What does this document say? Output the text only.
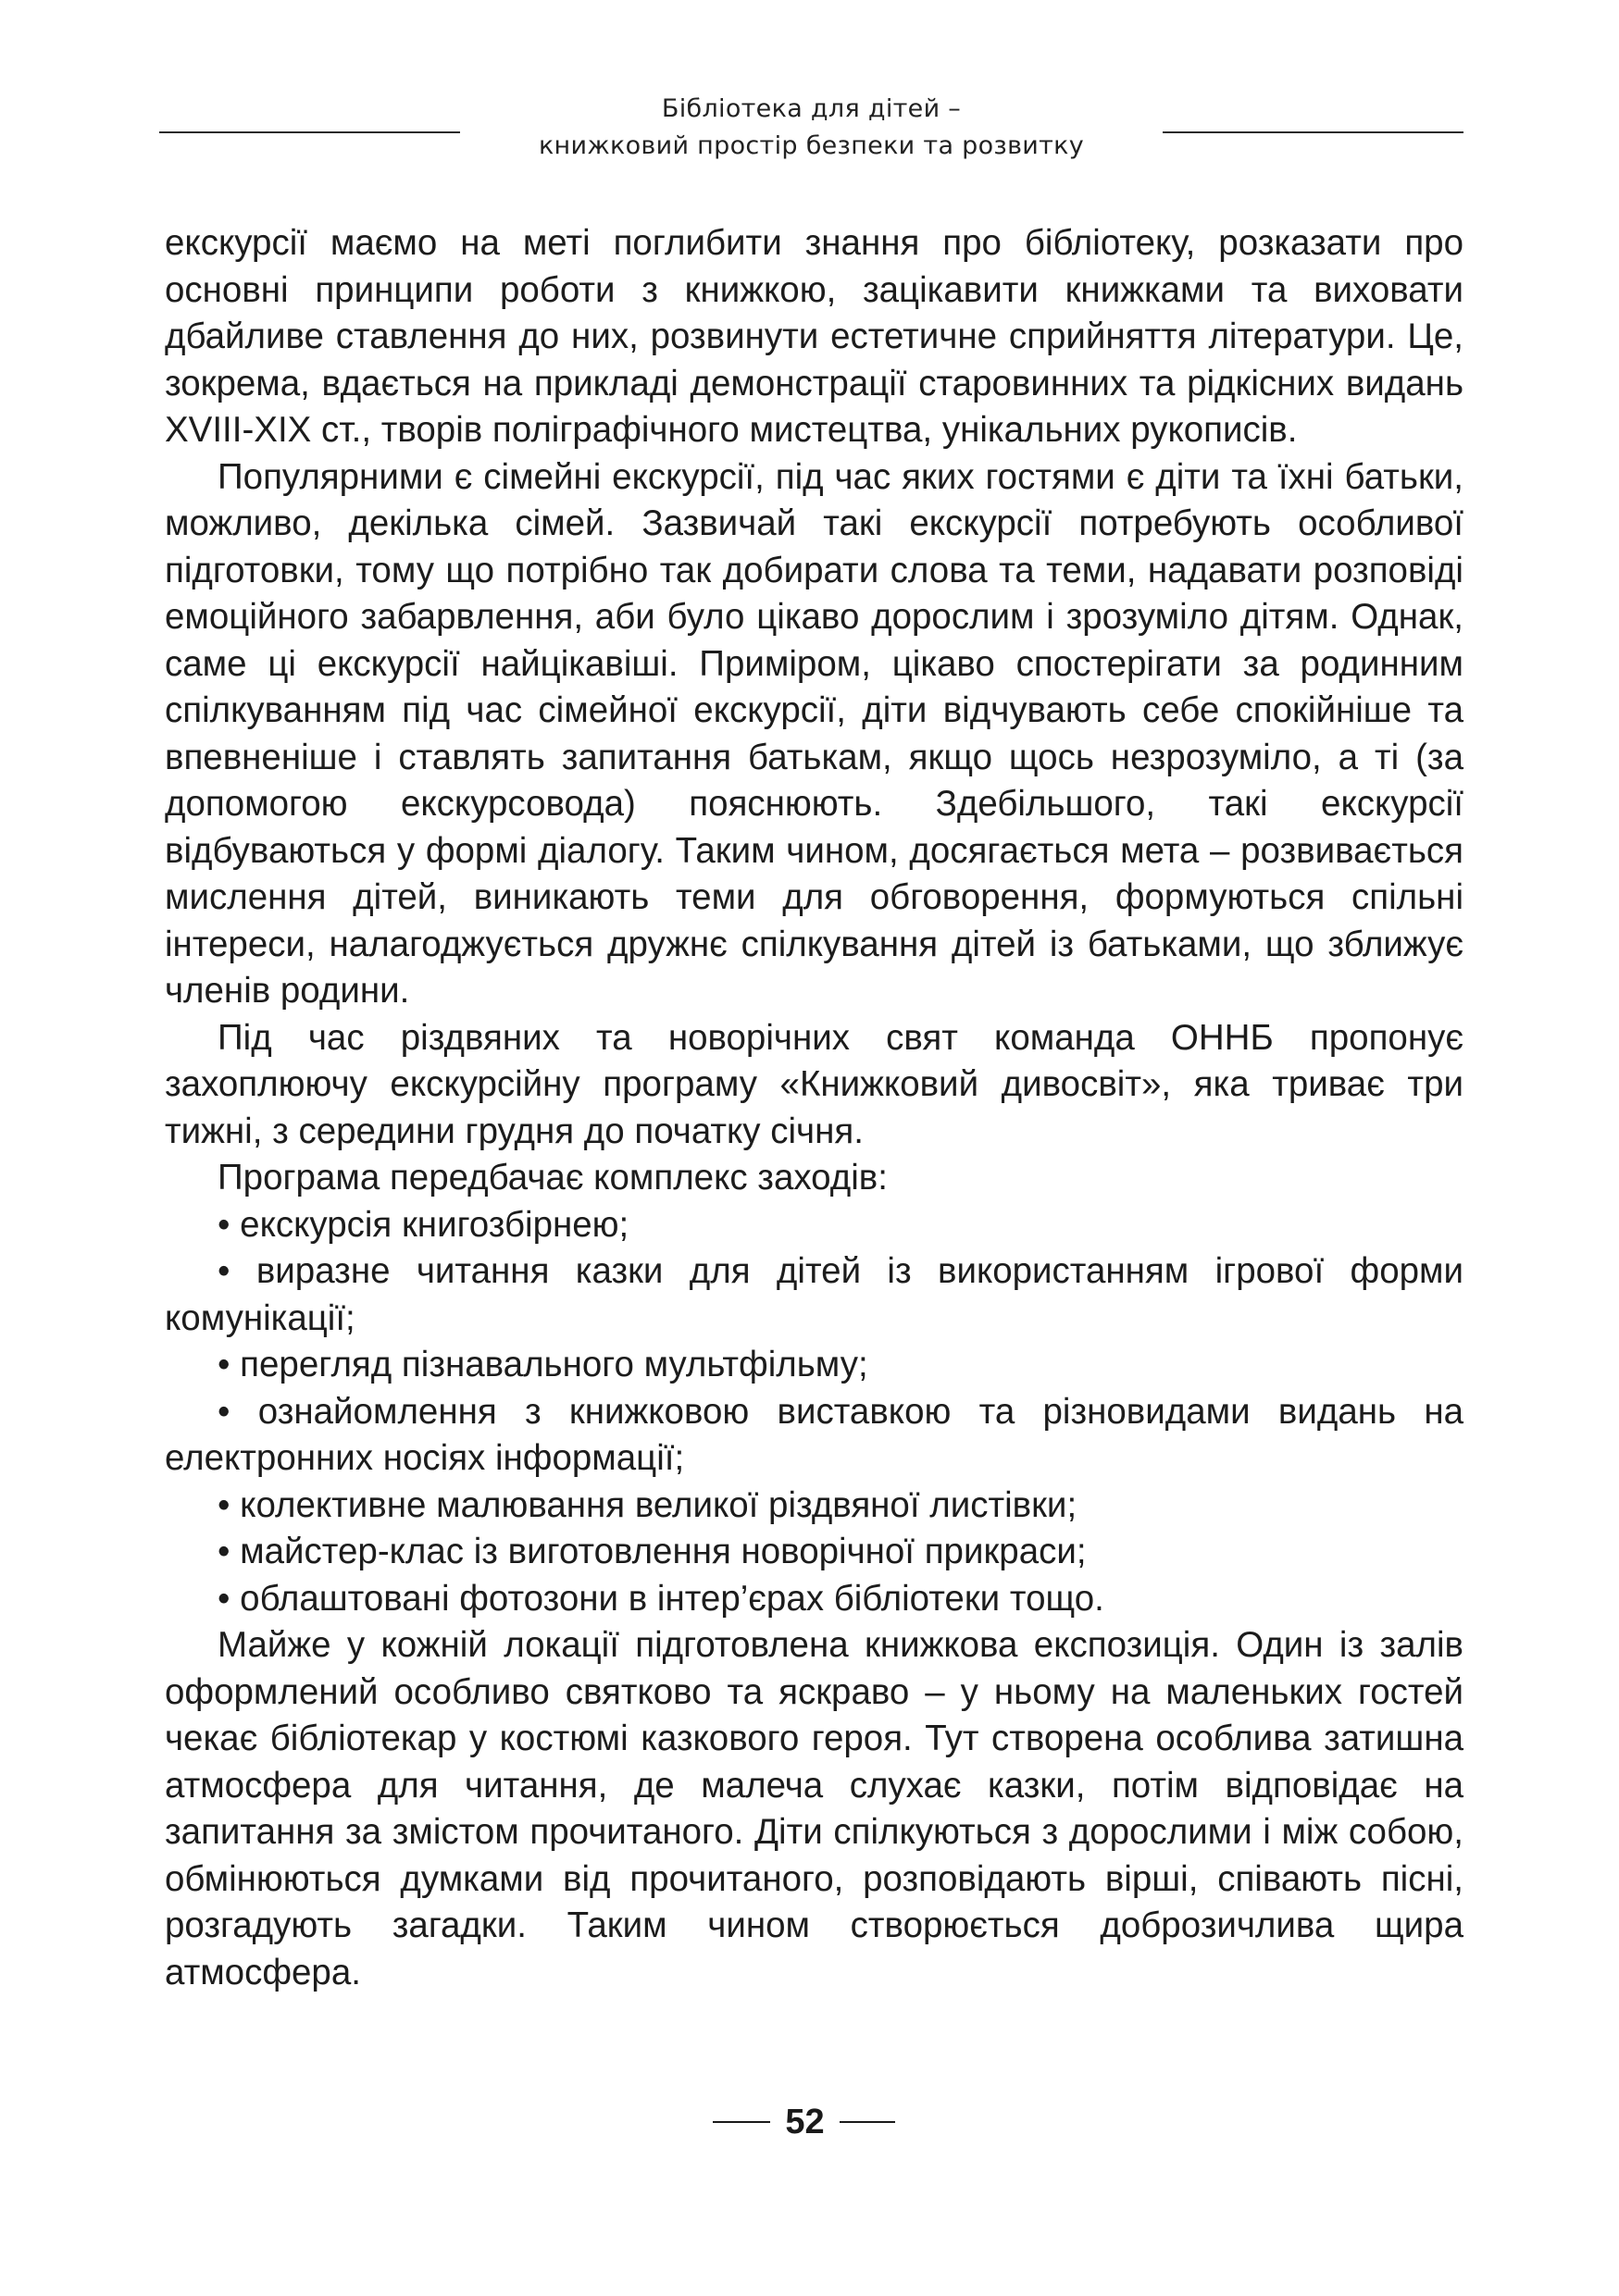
Бібліотека для дітей –
книжковий простір безпеки та розвитку

екскурсії маємо на меті поглибити знання про бібліотеку, розказати про основні принципи роботи з книжкою, зацікавити книжками та виховати дбайливе ставлення до них, розвинути естетичне сприйняття літератури. Це, зокрема, вдається на прикладі демонстрації старовинних та рідкісних видань XVIII-XIX ст., творів поліграфічного мистецтва, унікальних рукописів.

Популярними є сімейні екскурсії, під час яких гостями є діти та їхні батьки, можливо, декілька сімей. Зазвичай такі екскурсії потребують особливої підготовки, тому що потрібно так добирати слова та теми, надавати розповіді емоційного забарвлення, аби було цікаво дорослим і зрозуміло дітям. Однак, саме ці екскурсії найцікавіші. Приміром, цікаво спостерігати за родинним спілкуванням під час сімейної екскурсії, діти відчувають себе спокійніше та впевненіше і ставлять запитання батькам, якщо щось незрозуміло, а ті (за допомогою екскурсовода) пояснюють. Здебільшого, такі екскурсії відбуваються у формі діалогу. Таким чином, досягається мета – розвивається мислення дітей, виникають теми для обговорення, формуються спільні інтереси, налагоджується дружнє спілкування дітей із батьками, що зближує членів родини.

Під час різдвяних та новорічних свят команда ОННБ пропонує захоплюючу екскурсійну програму «Книжковий дивосвіт», яка триває три тижні, з середини грудня до початку січня.

Програма передбачає комплекс заходів:

• екскурсія книгозбірнею;

• виразне читання казки для дітей із використанням ігрової форми комунікації;

• перегляд пізнавального мультфільму;

• ознайомлення з книжковою виставкою та різновидами видань на електронних носіях інформації;

• колективне малювання великої різдвяної листівки;

• майстер-клас із виготовлення новорічної прикраси;

• облаштовані фотозони в інтер’єрах бібліотеки тощо.

Майже у кожній локації підготовлена книжкова експозиція. Один із залів оформлений особливо святково та яскраво – у ньому на маленьких гостей чекає бібліотекар у костюмі казкового героя. Тут створена особлива затишна атмосфера для читання, де малеча слухає казки, потім відповідає на запитання за змістом прочитаного. Діти спілкуються з дорослими і між собою, обмінюються думками від прочитаного, розповідають вірші, співають пісні, розгадують загадки. Таким чином створюється доброзичлива щира атмосфера.

52
